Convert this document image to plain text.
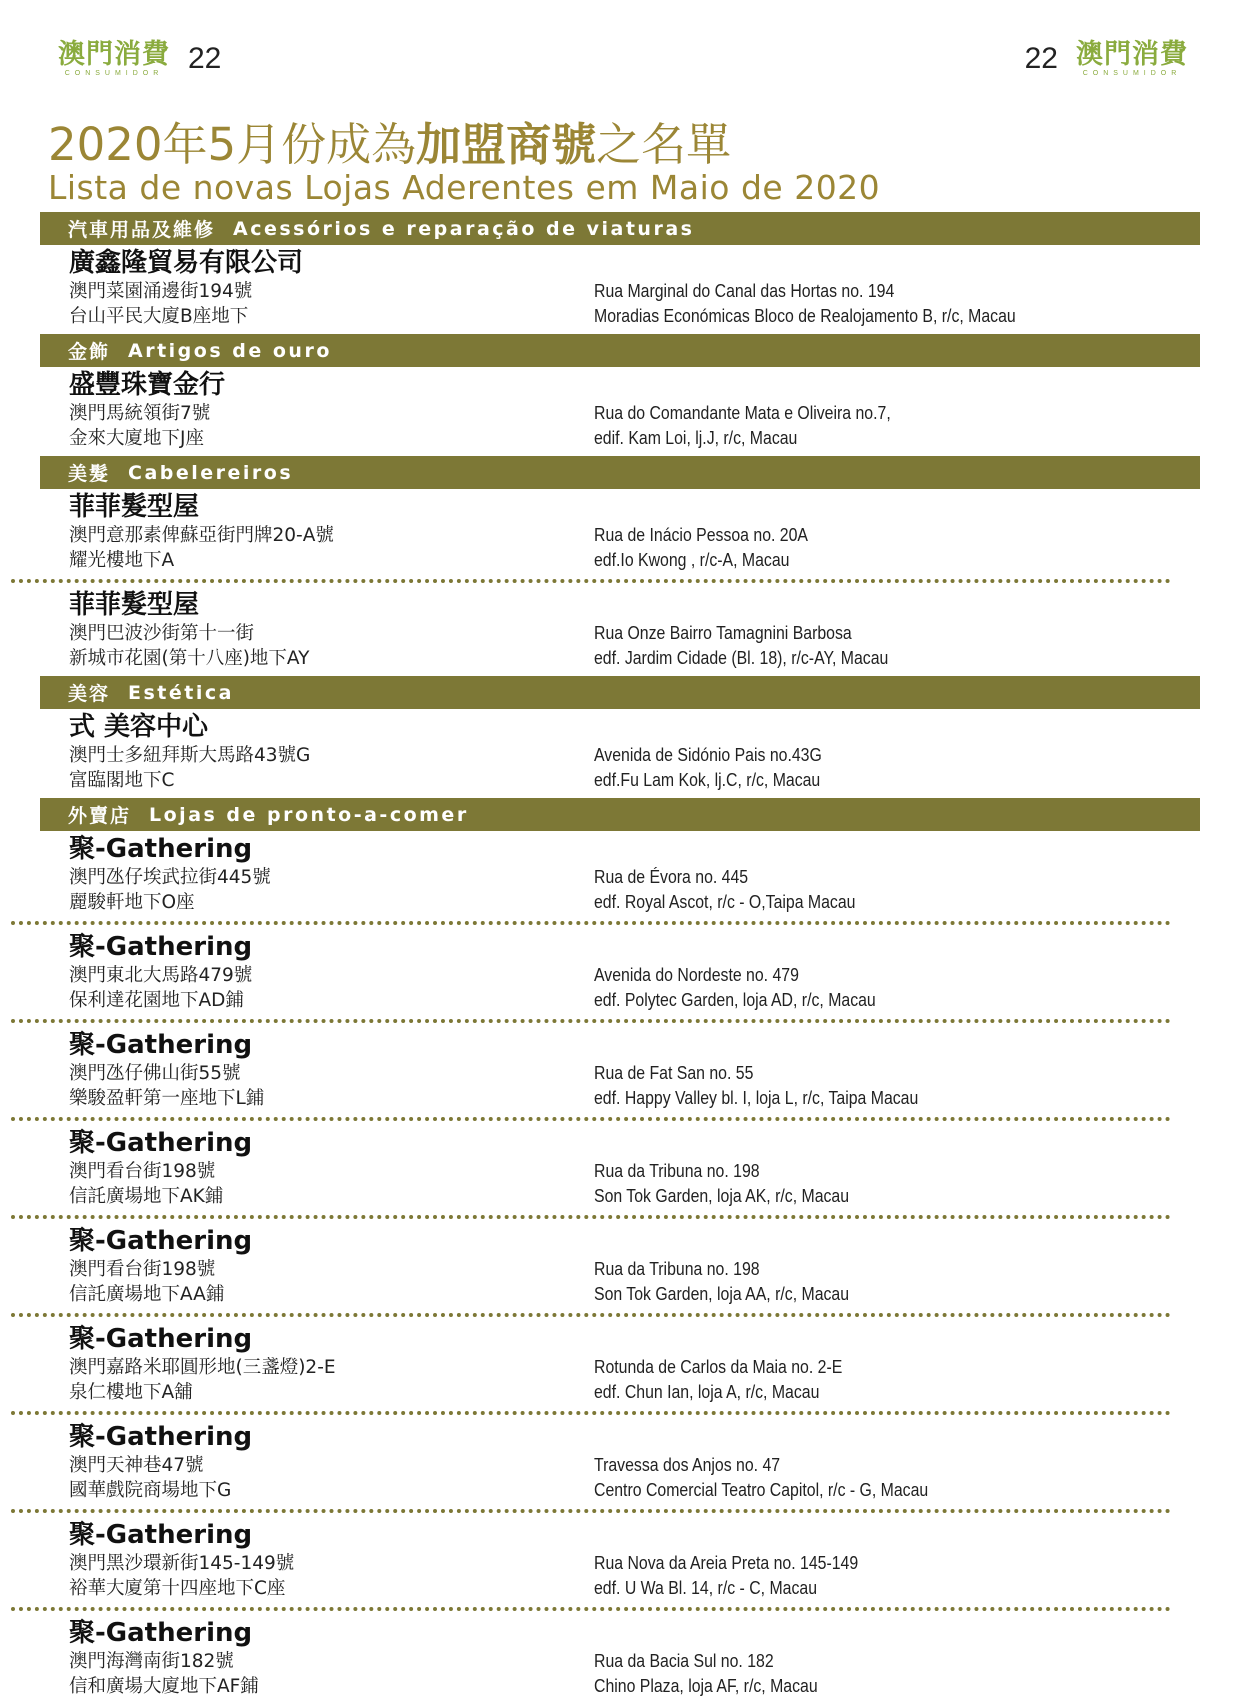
澳門消費
CONSUMIDOR 22	22 澳門消費
CONSUMIDOR
2020年5月份成為加盟商號之名單
Lista de novas Lojas Aderentes em Maio de 2020
汽車用品及維修 Acessórios e reparação de viaturas
廣鑫隆貿易有限公司
澳門菜園涌邊街194號	Rua Marginal do Canal das Hortas no. 194
台山平民大廈B座地下	Moradias Económicas Bloco de Realojamento B, r/c, Macau
金飾 Artigos de ouro
盛豐珠寶金行
澳門馬統領街7號	Rua do Comandante Mata e Oliveira no.7,
金來大廈地下J座	edif. Kam Loi, lj.J, r/c, Macau
美髮 Cabelereiros
菲菲髮型屋
澳門意那素俾蘇亞街門牌20-A號	Rua de Inácio Pessoa no. 20A
耀光樓地下A	edf.Io Kwong , r/c-A, Macau
菲菲髮型屋
澳門巴波沙街第十一街	Rua Onze Bairro Tamagnini Barbosa
新城市花園(第十八座)地下AY	edf. Jardim Cidade (Bl. 18), r/c-AY, Macau
美容 Estética
式 美容中心
澳門士多紐拜斯大馬路43號G	Avenida de Sidónio Pais no.43G
富臨閣地下C	edf.Fu Lam Kok, lj.C, r/c, Macau
外賣店 Lojas de pronto-a-comer
聚-Gathering
澳門氹仔埃武拉街445號	Rua de Évora no. 445
麗駿軒地下O座	edf. Royal Ascot, r/c - O,Taipa Macau
聚-Gathering
澳門東北大馬路479號	Avenida do Nordeste no. 479
保利達花園地下AD鋪	edf. Polytec Garden, loja AD, r/c, Macau
聚-Gathering
澳門氹仔佛山街55號	Rua de Fat San no. 55
樂駿盈軒第一座地下L鋪	edf. Happy Valley bl. I, loja L, r/c, Taipa Macau
聚-Gathering
澳門看台街198號	Rua da Tribuna no. 198
信託廣場地下AK鋪	Son Tok Garden, loja AK, r/c, Macau
聚-Gathering
澳門看台街198號	Rua da Tribuna no. 198
信託廣場地下AA鋪	Son Tok Garden, loja AA, r/c, Macau
聚-Gathering
澳門嘉路米耶圓形地(三盞燈)2-E	Rotunda de Carlos da Maia no. 2-E
泉仁樓地下A舖	edf. Chun Ian, loja A, r/c, Macau
聚-Gathering
澳門天神巷47號	Travessa dos Anjos no. 47
國華戲院商場地下G	Centro Comercial Teatro Capitol, r/c - G, Macau
聚-Gathering
澳門黑沙環新街145-149號	Rua Nova da Areia Preta no. 145-149
裕華大廈第十四座地下C座	edf. U Wa Bl. 14, r/c - C, Macau
聚-Gathering
澳門海灣南街182號	Rua da Bacia Sul no. 182
信和廣場大廈地下AF鋪	Chino Plaza, loja AF, r/c, Macau
